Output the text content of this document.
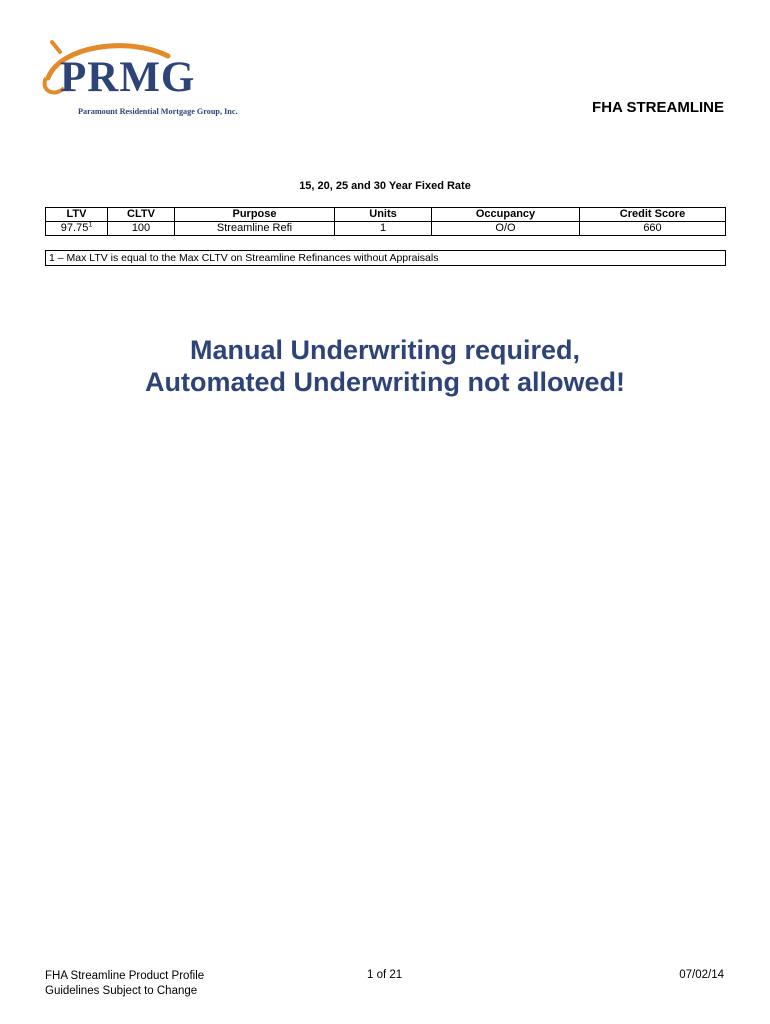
PRMG
Paramount Residential Mortgage Group, Inc.	FHA STREAMLINE
15, 20, 25 and 30 Year Fixed Rate
LTV	CLTV	Purpose	Units	Occupancy	Credit Score
97.75$^1$	100	Streamline Refi	1	O/O	660
1 – Max LTV is equal to the Max CLTV on Streamline Refinances without Appraisals
Manual Underwriting required,
Automated Underwriting not allowed!
FHA Streamline Product Profile
Guidelines Subject to Change
1 of 21	07/02/14
